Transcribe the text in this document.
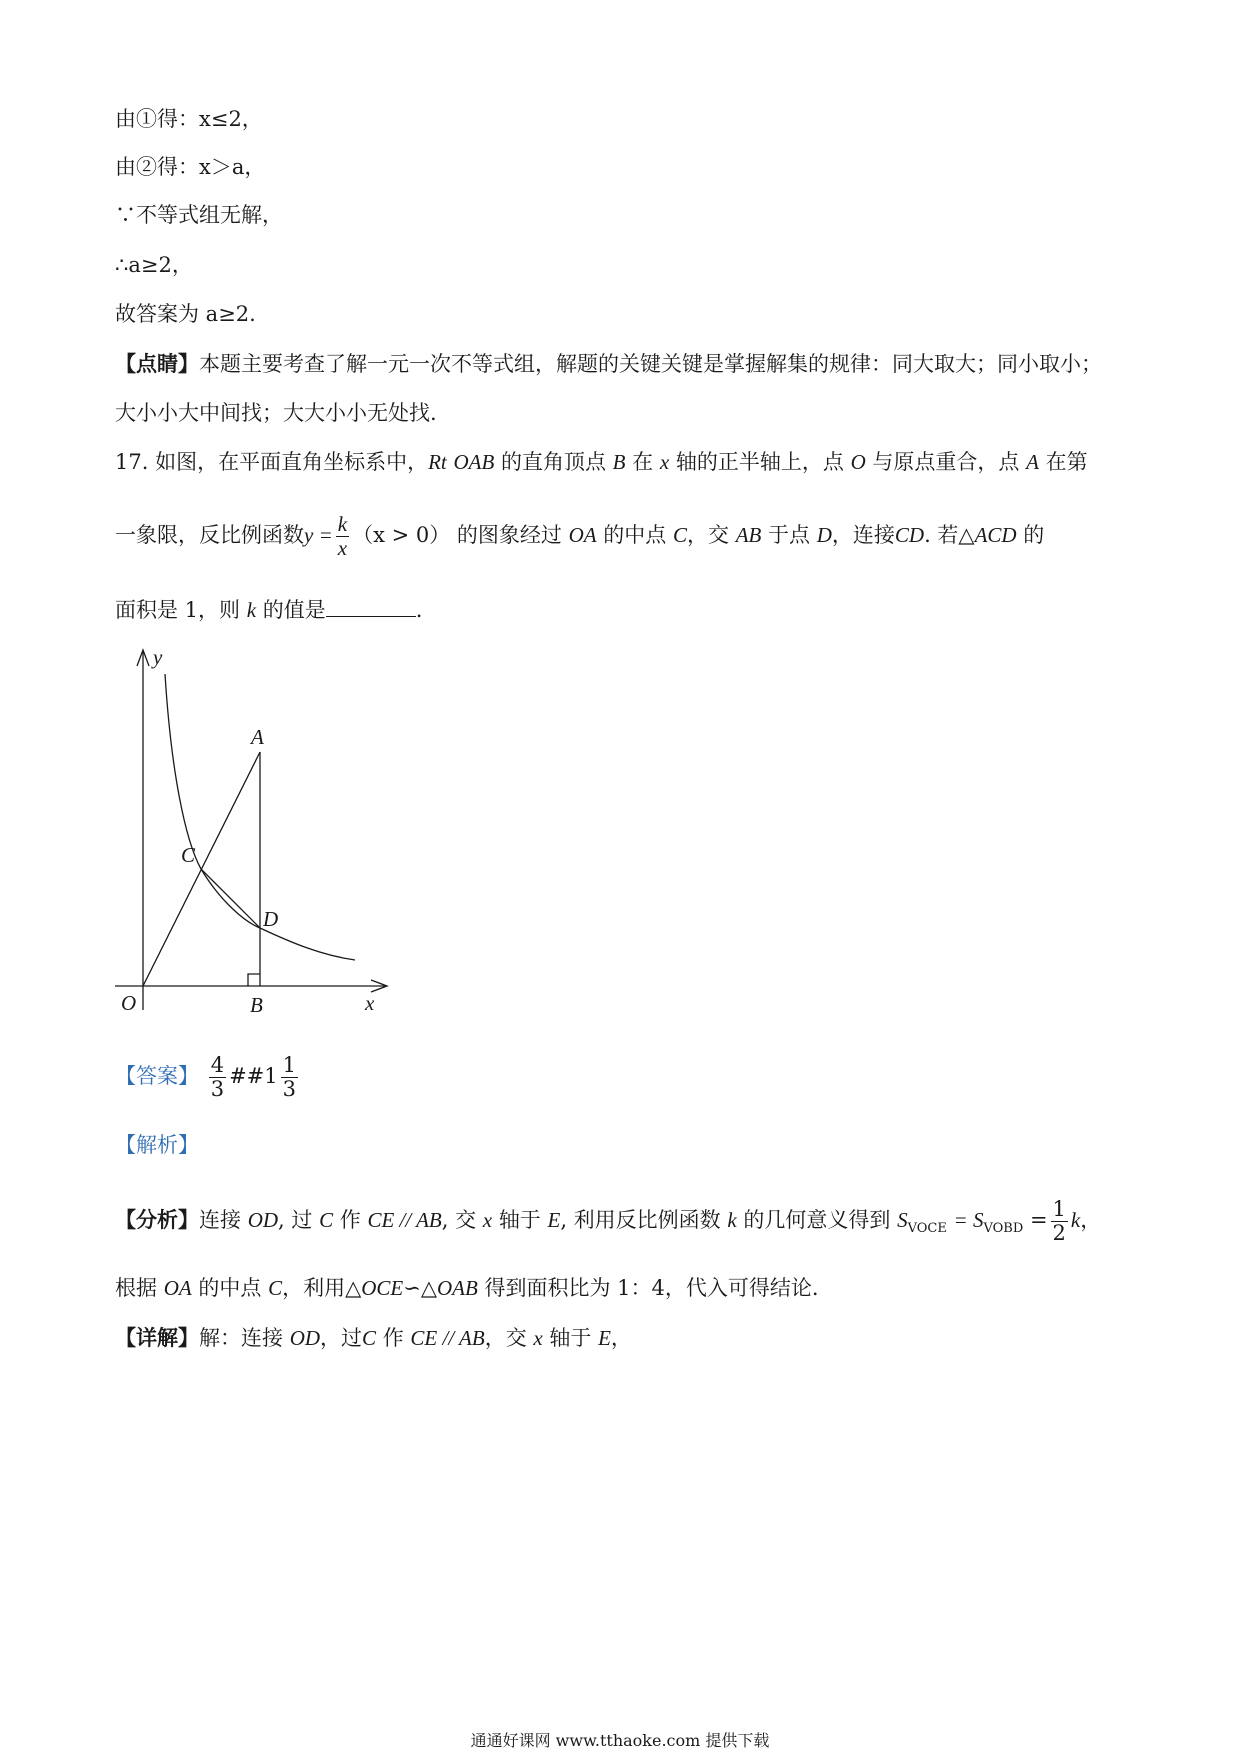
由①得：x≤2，
由②得：x＞a，
∵不等式组无解，
∴a≥2，
故答案为 a≥2.
【点睛】本题主要考查了解一元一次不等式组，解题的关键关键是掌握解集的规律：同大取大；同小取小；
大小小大中间找；大大小小无处找.
17. 如图，在平面直角坐标系中，Rt OAB 的直角顶点 B 在 x 轴的正半轴上，点 O 与原点重合，点 A 在第
一象限，反比例函数$y = \frac{k}{x} (x > 0)$ 的图象经过 OA 的中点 C，交 AB 于点 D，连接CD. 若△ACD 的
面积是 1，则 k 的值是	.
y
A
C
D
O	B	x
【答案】 $\frac{4}{3}$ ##1 $\frac{1}{3}$
【解析】
【分析】连接 OD, 过 C 作 CE // AB, 交 x 轴于 E, 利用反比例函数 k 的几何意义得到 $S_{VOCE} = S_{VOBD} = \frac{1}{2}$ k，
根据 OA 的中点 C，利用△OCE∽△OAB 得到面积比为 1：4，代入可得结论.
【详解】解：连接 OD，过C 作 CE // AB，交 x 轴于 E，
通通好课网 www.tthaoke.com 提供下载
